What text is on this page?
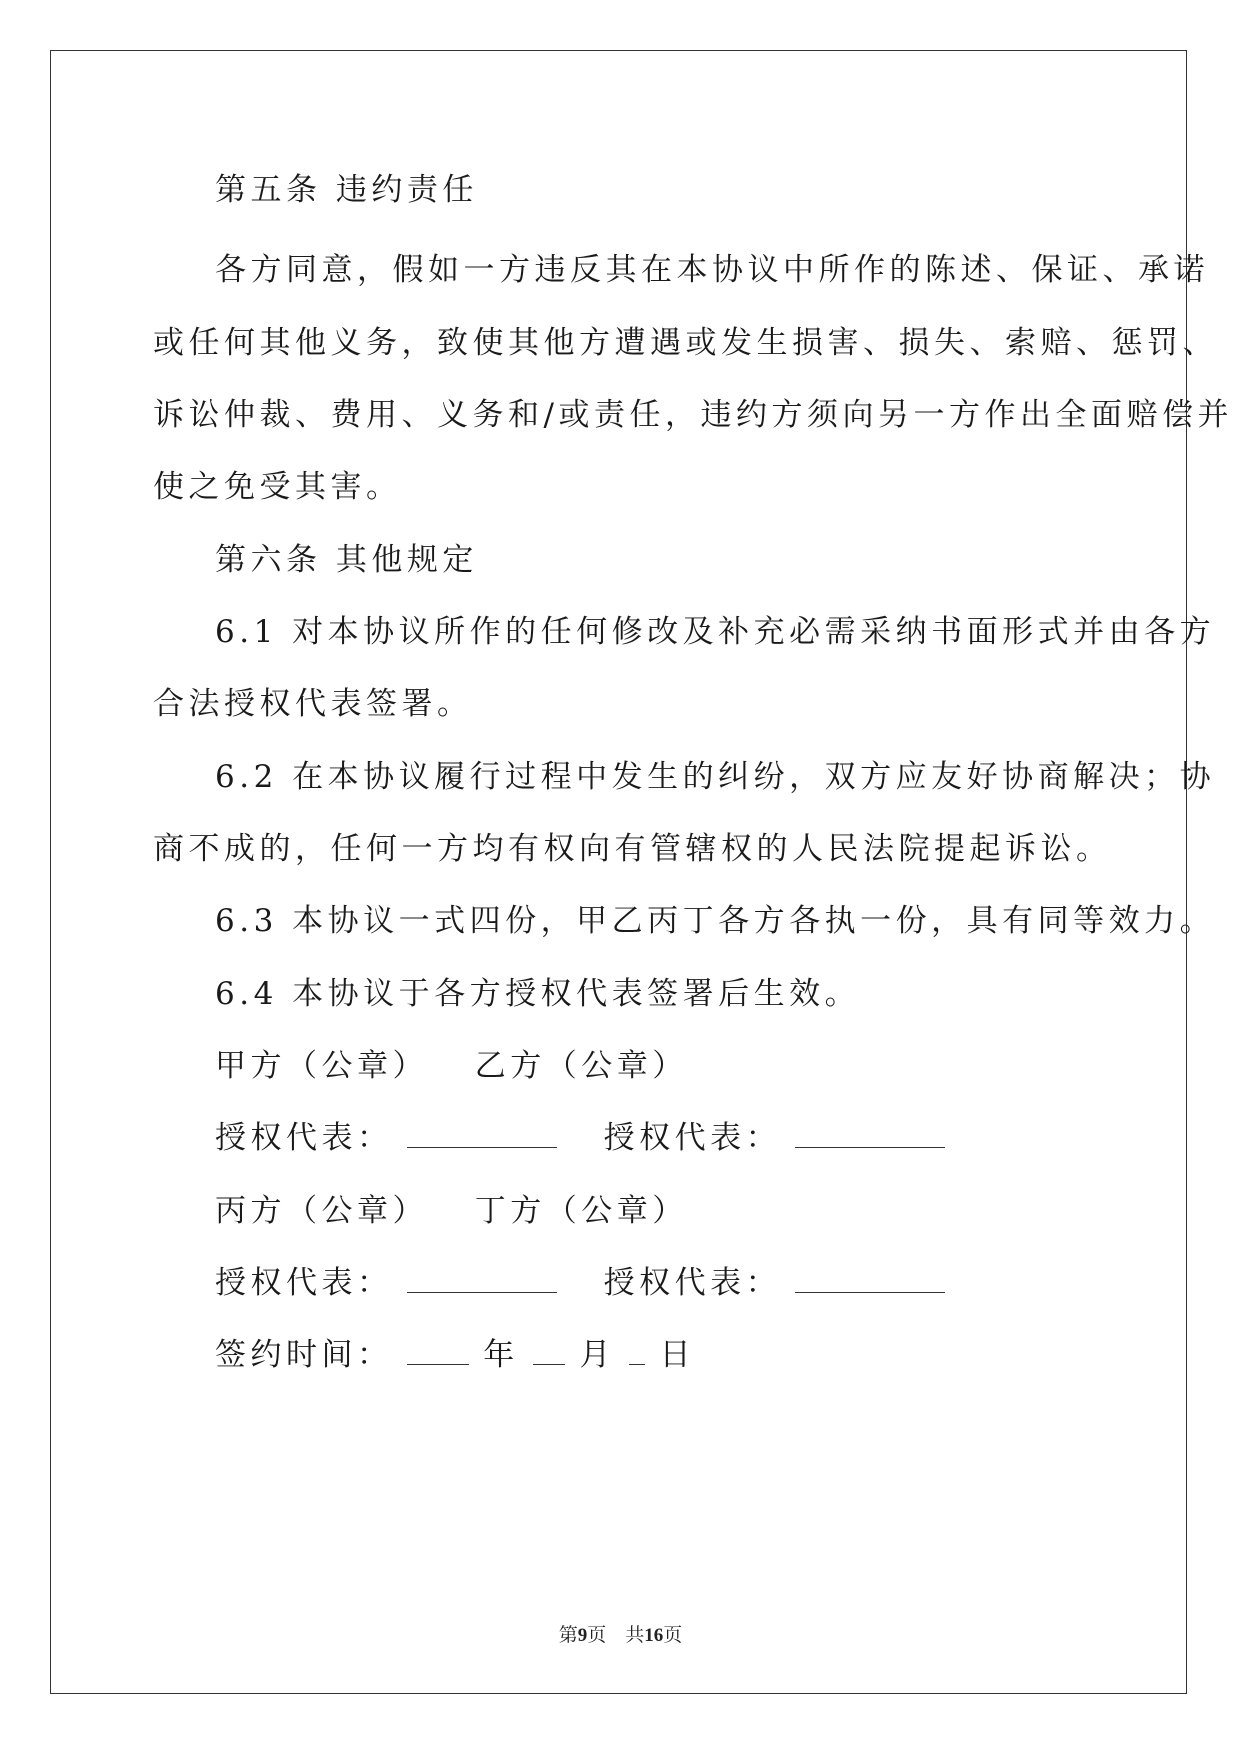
第五条 违约责任
各方同意，假如一方违反其在本协议中所作的陈述、保证、承诺
或任何其他义务，致使其他方遭遇或发生损害、损失、索赔、惩罚、
诉讼仲裁、费用、义务和/或责任，违约方须向另一方作出全面赔偿并
使之免受其害。
第六条 其他规定
6.1 对本协议所作的任何修改及补充必需采纳书面形式并由各方
合法授权代表签署。
6.2 在本协议履行过程中发生的纠纷，双方应友好协商解决；协
商不成的，任何一方均有权向有管辖权的人民法院提起诉讼。
6.3 本协议一式四份，甲乙丙丁各方各执一份，具有同等效力。
6.4 本协议于各方授权代表签署后生效。
甲方（公章） 乙方（公章）
授权代表：	授权代表：
丙方（公章） 丁方（公章）
授权代表：	授权代表：
签约时间：	年 月 日
第9页 共16页
